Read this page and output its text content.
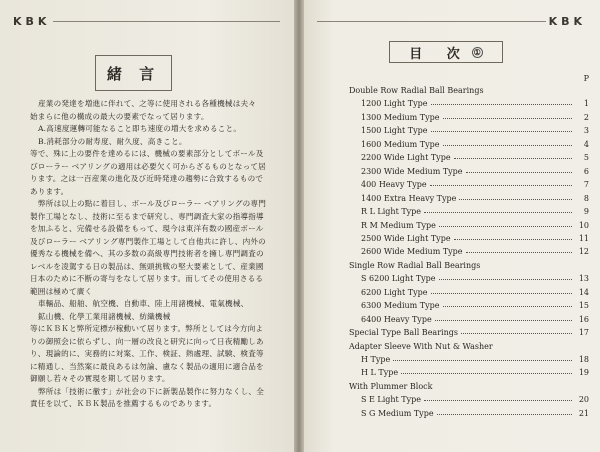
KBK
緒 言

産業の発達を増進に伴れて、之等に使用される各種機械は夫々

始まらに他の構成の最大の要素でなって居ります。

A.高速度運轉可能なること即ち速度の増大を求めること。

B.消耗部分の耐寿度、耐久度、高きこと。

等で、殊に上の要件を達めるには、機械の要素部分としてボール及びローラー ベアリングの適用は必要欠く可からざるものとなって居ります。之は一百産業の進化及び近時発達の趨勢に合致するものであります。

弊所は以上の點に着目し、ボール及びローラー ベアリングの専門製作工場となし、技術に至るまで研究し、専門調査大家の指導指導を加ふると、完備せる設備をもって、現今は東洋有数の國産ボール及びローラー ベアリング専門製作工場として自他共に許し、内外の優秀なる機械を備へ、其の多数の高級専門技術者を擁し専門調査のレベルを凌駕する日の製品は、無頭挑戦の堅大要素として、産業國日本のために不断の寄与をなして居ります。而してその使用さるる範囲は極めて廣く

車輛品、船舶、航空機、自動車、陸上用諸機械、電氣機械、

鉱山機、化學工業用諸機械、紡織機械

等にＫＢＫと弊所定標が稼動いて居ります。弊所としては今方向よりの御照会に依らずし、向一層の改良と研究に向って日夜精勵しあり、現論的に、実務的に対案、工作、検証、熱處理、試験、検査等に精通し、当然案に最良あるは勿論、慮なく製品の適用に適合品を御願し若々その實現を期して居ります。

弊所は「技術に徹す」が社会の下に新製品製作に努力なくし、全責任を以て、ＫＢＫ製品を推薦するものであります。

KBK
目 次 ①
P
Double Row Radial Ball Bearings
1200 Light Type	1
1300 Medium Type	2
1500 Light Type	3
1600 Medium Type	4
2200 Wide Light Type	5
2300 Wide Medium Type	6
400 Heavy Type	7
1400 Extra Heavy Type	8
R L Light Type	9
R M Medium Type	10
2500 Wide Light Type	11
2600 Wide Medium Type	12
Single Row Radial Ball Bearings
S 6200 Light Type	13
6200 Light Type	14
6300 Medium Type	15
6400 Heavy Type	16
Special Type Ball Bearings	17
Adapter Sleeve With Nut & Washer
H Type	18
H L Type	19
With Plummer Block
S E Light Type	20
S G Medium Type	21
